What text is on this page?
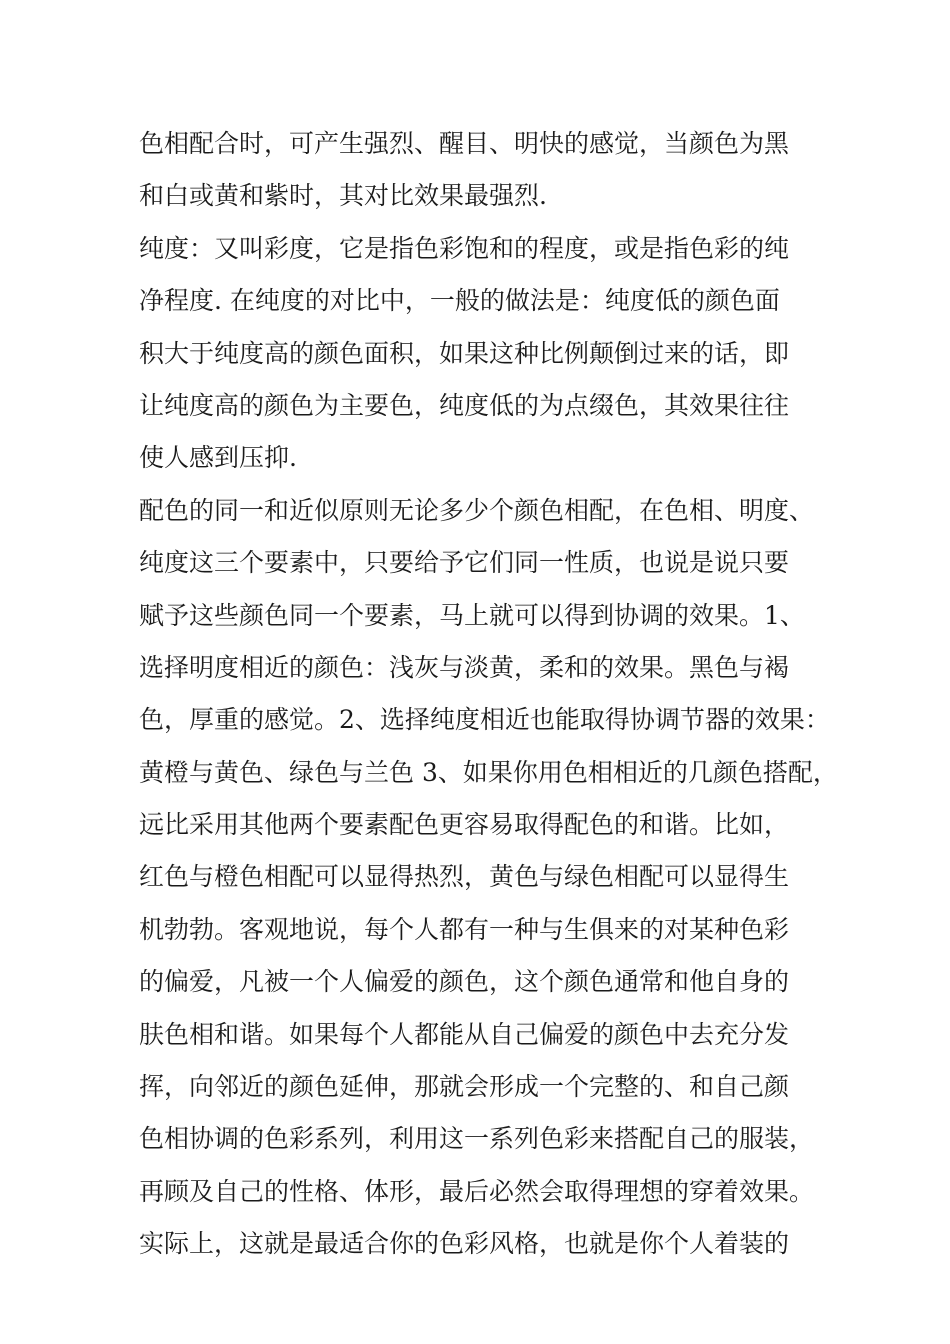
色相配合时，可产生强烈、醒目、明快的感觉，当颜色为黑
和白或黄和紫时，其对比效果最强烈.
纯度：又叫彩度，它是指色彩饱和的程度，或是指色彩的纯
净程度. 在纯度的对比中，一般的做法是：纯度低的颜色面
积大于纯度高的颜色面积，如果这种比例颠倒过来的话，即
让纯度高的颜色为主要色，纯度低的为点缀色，其效果往往
使人感到压抑.
配色的同一和近似原则无论多少个颜色相配，在色相、明度、
纯度这三个要素中，只要给予它们同一性质，也说是说只要
赋予这些颜色同一个要素，马上就可以得到协调的效果。1、
选择明度相近的颜色：浅灰与淡黄，柔和的效果。黑色与褐
色，厚重的感觉。2、选择纯度相近也能取得协调节器的效果：
黄橙与黄色、绿色与兰色 3、如果你用色相相近的几颜色搭配，
远比采用其他两个要素配色更容易取得配色的和谐。比如，
红色与橙色相配可以显得热烈，黄色与绿色相配可以显得生
机勃勃。客观地说，每个人都有一种与生俱来的对某种色彩
的偏爱，凡被一个人偏爱的颜色，这个颜色通常和他自身的
肤色相和谐。如果每个人都能从自己偏爱的颜色中去充分发
挥，向邻近的颜色延伸，那就会形成一个完整的、和自己颜
色相协调的色彩系列，利用这一系列色彩来搭配自己的服装，
再顾及自己的性格、体形，最后必然会取得理想的穿着效果。
实际上，这就是最适合你的色彩风格，也就是你个人着装的
